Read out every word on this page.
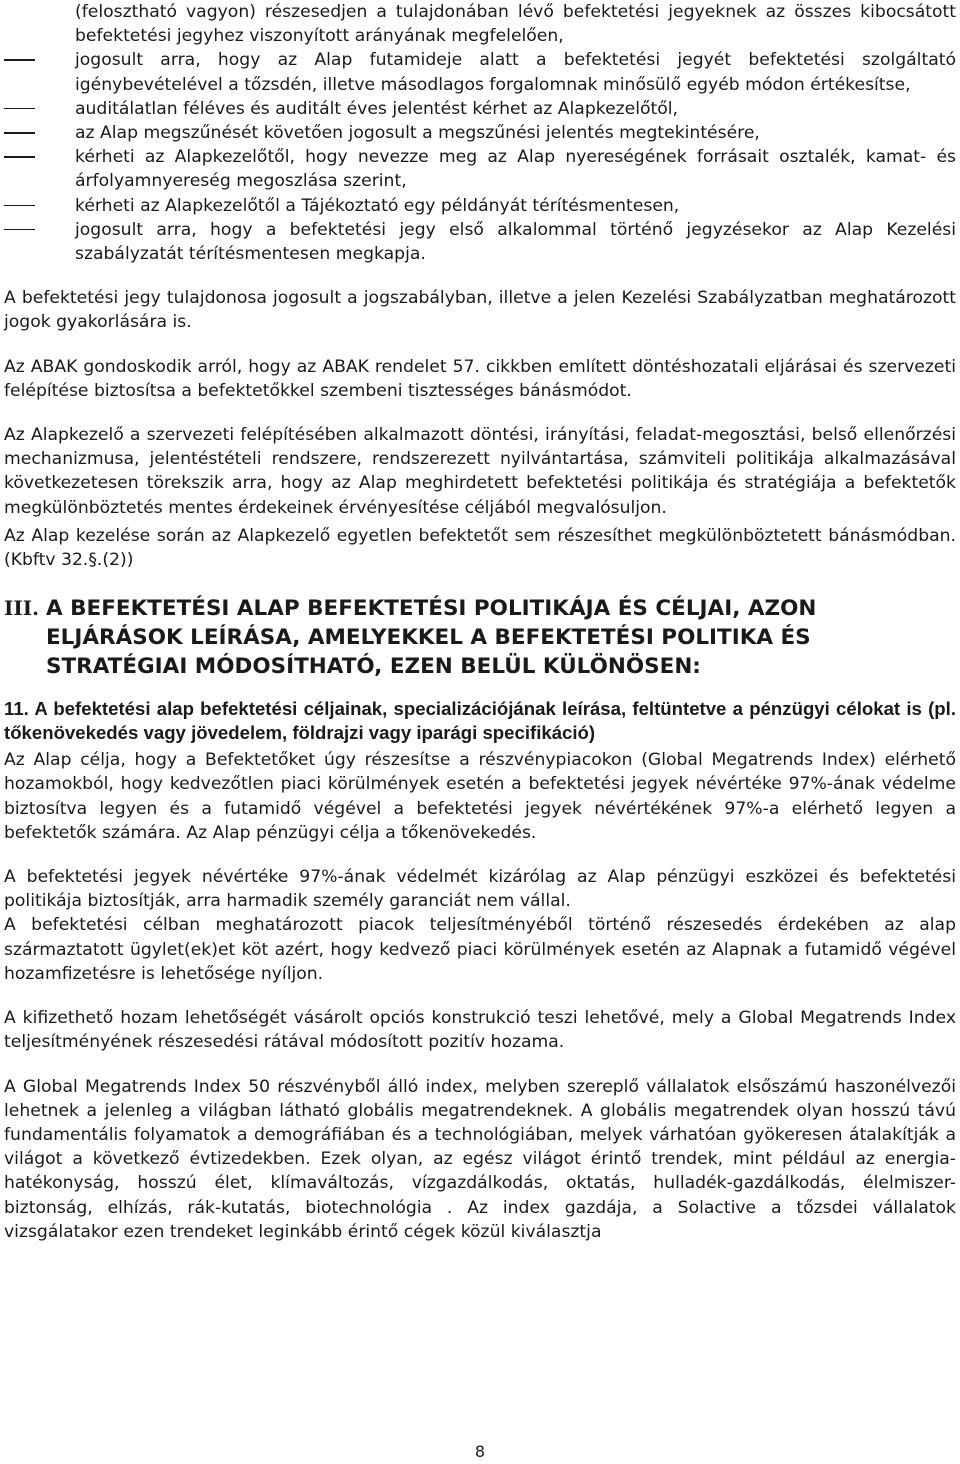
(felosztható vagyon) részesedjen a tulajdonában lévő befektetési jegyeknek az összes kibocsátott befektetési jegyhez viszonyított arányának megfelelően,
jogosult arra, hogy az Alap futamideje alatt a befektetési jegyét befektetési szolgáltató igénybevételével a tőzsdén, illetve másodlagos forgalomnak minősülő egyéb módon értékesítse,
auditálatlan féléves és auditált éves jelentést kérhet az Alapkezelőtől,
az Alap megszűnését követően jogosult a megszűnési jelentés megtekintésére,
kérheti az Alapkezelőtől, hogy nevezze meg az Alap nyereségének forrásait osztalék, kamat- és árfolyamnyereség megoszlása szerint,
kérheti az Alapkezelőtől a Tájékoztató egy példányát térítésmentesen,
jogosult arra, hogy a befektetési jegy első alkalommal történő jegyzésekor az Alap Kezelési szabályzatát térítésmentesen megkapja.

A befektetési jegy tulajdonosa jogosult a jogszabályban, illetve a jelen Kezelési Szabályzatban meghatározott jogok gyakorlására is.

Az ABAK gondoskodik arról, hogy az ABAK rendelet 57. cikkben említett döntéshozatali eljárásai és szervezeti felépítése biztosítsa a befektetőkkel szembeni tisztességes bánásmódot.

Az Alapkezelő a szervezeti felépítésében alkalmazott döntési, irányítási, feladat-megosztási, belső ellenőrzési mechanizmusa, jelentéstételi rendszere, rendszerezett nyilvántartása, számviteli politikája alkalmazásával következetesen törekszik arra, hogy az Alap meghirdetett befektetési politikája és stratégiája a befektetők megkülönböztetés mentes érdekeinek érvényesítése céljából megvalósuljon.

Az Alap kezelése során az Alapkezelő egyetlen befektetőt sem részesíthet megkülönböztetett bánásmódban. (Kbftv 32.§.(2))

III. A BEFEKTETÉSI ALAP BEFEKTETÉSI POLITIKÁJA ÉS CÉLJAI, AZON ELJÁRÁSOK LEÍRÁSA, AMELYEKKEL A BEFEKTETÉSI POLITIKA ÉS STRATÉGIAI MÓDOSÍTHATÓ, EZEN BELÜL KÜLÖNÖSEN:

11. A befektetési alap befektetési céljainak, specializációjának leírása, feltüntetve a pénzügyi célokat is (pl. tőkenövekedés vagy jövedelem, földrajzi vagy iparági specifikáció)

Az Alap célja, hogy a Befektetőket úgy részesítse a részvénypiacokon (Global Megatrends Index) elérhető hozamokból, hogy kedvezőtlen piaci körülmények esetén a befektetési jegyek névértéke 97%-ának védelme biztosítva legyen és a futamidő végével a befektetési jegyek névértékének 97%-a elérhető legyen a befektetők számára. Az Alap pénzügyi célja a tőkenövekedés.

A befektetési jegyek névértéke 97%-ának védelmét kizárólag az Alap pénzügyi eszközei és befektetési politikája biztosítják, arra harmadik személy garanciát nem vállal.

A befektetési célban meghatározott piacok teljesítményéből történő részesedés érdekében az alap származtatott ügylet(ek)et köt azért, hogy kedvező piaci körülmények esetén az Alapnak a futamidő végével hozamfizetésre is lehetősége nyíljon.

A kifizethető hozam lehetőségét vásárolt opciós konstrukció teszi lehetővé, mely a Global Megatrends Index teljesítményének részesedési rátával módosított pozitív hozama.

A Global Megatrends Index 50 részvényből álló index, melyben szereplő vállalatok elsőszámú haszonélvezői lehetnek a jelenleg a világban látható globális megatrendeknek. A globális megatrendek olyan hosszú távú fundamentális folyamatok a demográfiában és a technológiában, melyek várhatóan gyökeresen átalakítják a világot a következő évtizedekben. Ezek olyan, az egész világot érintő trendek, mint például az energia-hatékonyság, hosszú élet, klímaváltozás, vízgazdálkodás, oktatás, hulladék-gazdálkodás, élelmiszer-biztonság, elhízás, rák-kutatás, biotechnológia . Az index gazdája, a Solactive a tőzsdei vállalatok vizsgálatakor ezen trendeket leginkább érintő cégek közül kiválasztja

8
